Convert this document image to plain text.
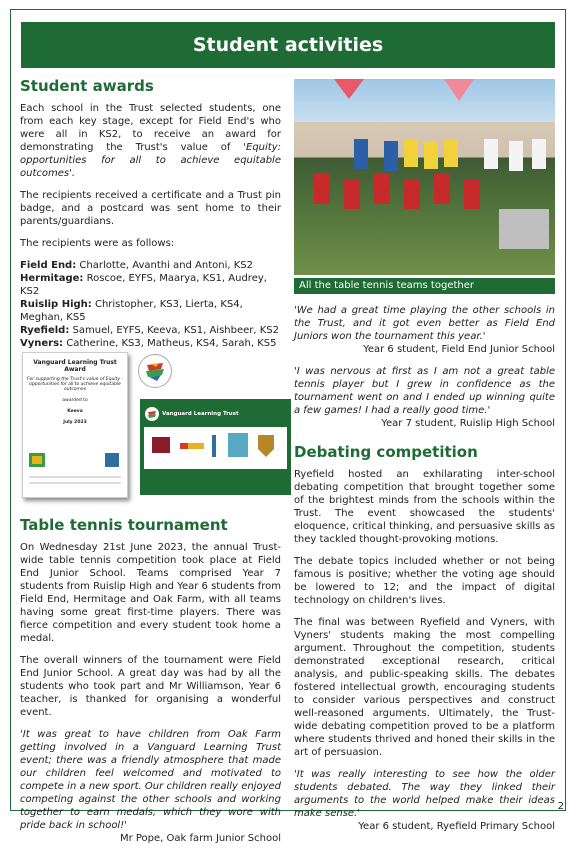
Student activities
Student awards

Each school in the Trust selected students, one from each key stage, except for Field End's who were all in KS2, to receive an award for demonstrating the Trust's value of 'Equity: opportunities for all to achieve equitable outcomes'.

The recipients received a certificate and a Trust pin badge, and a postcard was sent home to their parents/guardians.

The recipients were as follows:

Field End: Charlotte, Avanthi and Antoni, KS2

Hermitage: Roscoe, EYFS, Maarya, KS1, Audrey, KS2

Ruislip High: Christopher, KS3, Lierta, KS4, Meghan, KS5

Ryefield: Samuel, EYFS, Keeva, KS1, Aishbeer, KS2

Vyners: Catherine, KS3, Matheus, KS4, Sarah, KS5

Vanguard Learning Trust Award
For supporting the Trust's value of Equity - opportunities for all to achieve equitable outcomes
awarded to
Keeva
July 2023
Vanguard Learning Trust
Table tennis tournament

On Wednesday 21st June 2023, the annual Trust-wide table tennis competition took place at Field End Junior School. Teams comprised Year 7 students from Ruislip High and Year 6 students from Field End, Hermitage and Oak Farm, with all teams having some great first-time players. There was fierce competition and every student took home a medal.

The overall winners of the tournament were Field End Junior School. A great day was had by all the students who took part and Mr Williamson, Year 6 teacher, is thanked for organising a wonderful event.

'It was great to have children from Oak Farm getting involved in a Vanguard Learning Trust event; there was a friendly atmosphere that made our children feel welcomed and motivated to compete in a new sport. Our children really enjoyed competing against the other schools and working together to earn medals, which they wore with pride back in school!'

Mr Pope, Oak farm Junior School

All the table tennis teams together

'We had a great time playing the other schools in the Trust, and it got even better as Field End Juniors won the tournament this year.'

Year 6 student, Field End Junior School

'I was nervous at first as I am not a great table tennis player but I grew in confidence as the tournament went on and I ended up winning quite a few games! I had a really good time.'

Year 7 student, Ruislip High School

Debating competition

Ryefield hosted an exhilarating inter-school debating competition that brought together some of the brightest minds from the schools within the Trust. The event showcased the students' eloquence, critical thinking, and persuasive skills as they tackled thought-provoking motions.

The debate topics included whether or not being famous is positive; whether the voting age should be lowered to 12; and the impact of digital technology on children's lives.

The final was between Ryefield and Vyners, with Vyners' students making the most compelling argument. Throughout the competition, students demonstrated exceptional research, critical analysis, and public-speaking skills. The debates fostered intellectual growth, encouraging students to consider various perspectives and construct well-reasoned arguments. Ultimately, the Trust-wide debating competition proved to be a platform where students thrived and honed their skills in the art of persuasion.

'It was really interesting to see how the older students debated. The way they linked their arguments to the world helped make their ideas make sense.'

Year 6 student, Ryefield Primary School

2
